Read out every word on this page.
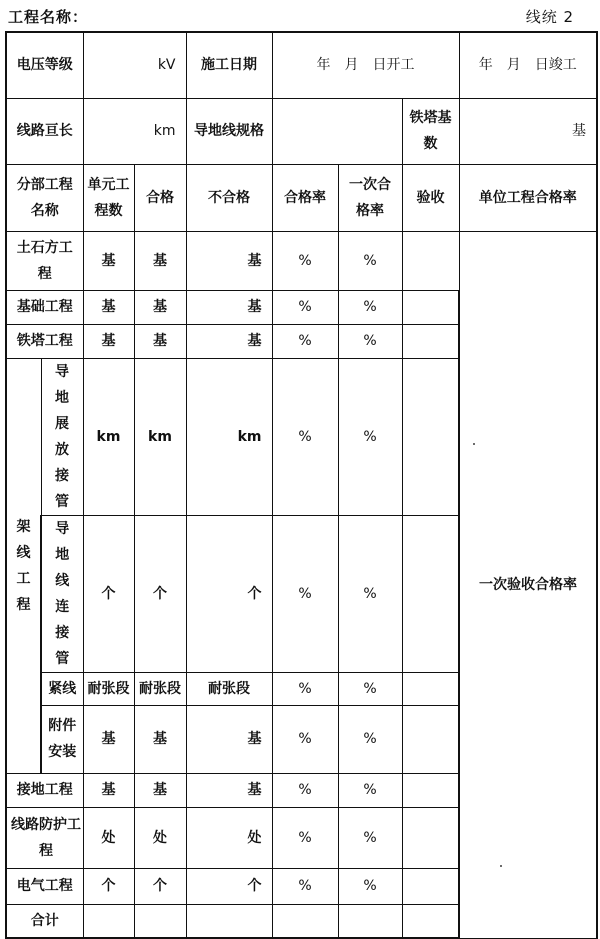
工程名称：	线统 2
电压等级		kV		施工日期	年　月　日开工			年　月　日竣工
线路亘长		km		导地线规格			铁塔基数	基
分部工程名称		单元工程数	合格	不合格	合格率	一次合格率	验收	单位工程合格率
土石方工程		基	基	基	%	%		一次验收合格率
基础工程		基	基	基	%	%		
铁塔工程		基	基	基	%	%		
架线工程	导地展放接管	km	km	km	%	%		
	导地线连接管	个	个	个	%	%		
	紧线	耐张段	耐张段	耐张段	%	%		
	附件安装	基	基	基	%	%		
接地工程		基	基	基	%	%		
线路防护工程		处	处	处	%	%		
电气工程		个	个	个	%	%		
合计								
